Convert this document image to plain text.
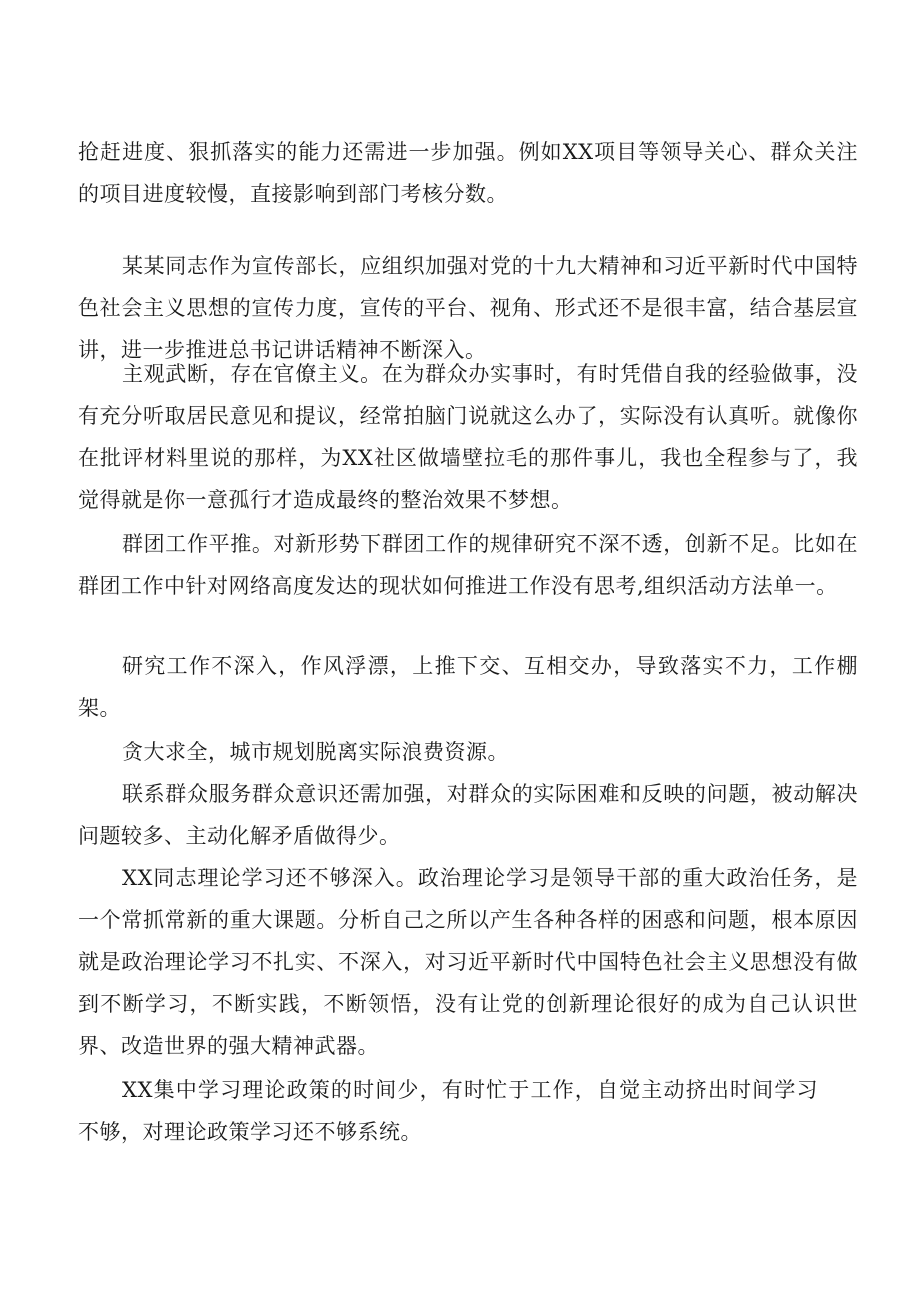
抢赶进度、狠抓落实的能力还需进一步加强。例如XX项目等领导关心、群众关注的项目进度较慢，直接影响到部门考核分数。

某某同志作为宣传部长，应组织加强对党的十九大精神和习近平新时代中国特色社会主义思想的宣传力度，宣传的平台、视角、形式还不是很丰富，结合基层宣讲，进一步推进总书记讲话精神不断深入。

主观武断，存在官僚主义。在为群众办实事时，有时凭借自我的经验做事，没有充分听取居民意见和提议，经常拍脑门说就这么办了，实际没有认真听。就像你在批评材料里说的那样，为XX社区做墙壁拉毛的那件事儿，我也全程参与了，我觉得就是你一意孤行才造成最终的整治效果不梦想。

群团工作平推。对新形势下群团工作的规律研究不深不透，创新不足。比如在群团工作中针对网络高度发达的现状如何推进工作没有思考,组织活动方法单一。

研究工作不深入，作风浮漂，上推下交、互相交办，导致落实不力，工作棚架。

贪大求全，城市规划脱离实际浪费资源。

联系群众服务群众意识还需加强，对群众的实际困难和反映的问题，被动解决问题较多、主动化解矛盾做得少。

XX同志理论学习还不够深入。政治理论学习是领导干部的重大政治任务，是一个常抓常新的重大课题。分析自己之所以产生各种各样的困惑和问题，根本原因就是政治理论学习不扎实、不深入，对习近平新时代中国特色社会主义思想没有做到不断学习，不断实践，不断领悟，没有让党的创新理论很好的成为自己认识世界、改造世界的强大精神武器。

XX集中学习理论政策的时间少，有时忙于工作，自觉主动挤出时间学习不够，对理论政策学习还不够系统。
